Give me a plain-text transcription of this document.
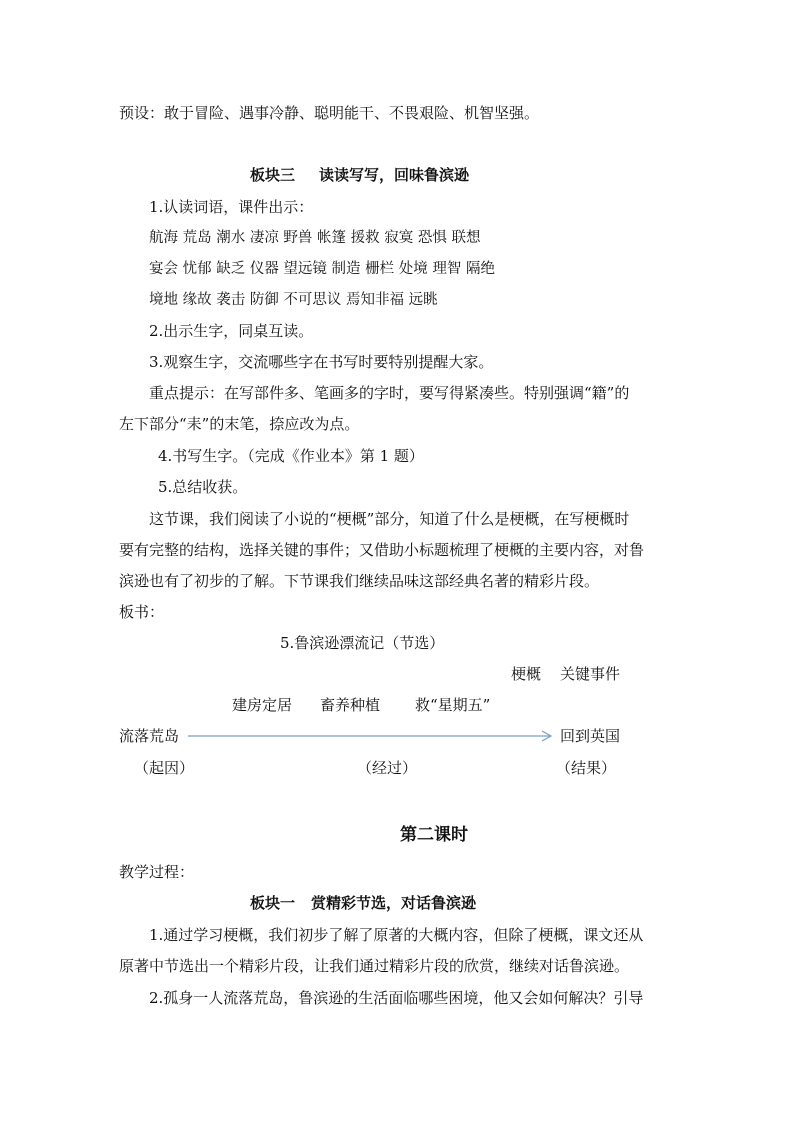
预设：敢于冒险、遇事冷静、聪明能干、不畏艰险、机智坚强。
板块三 读读写写，回味鲁滨逊
1.认读词语，课件出示：
航海 荒岛 潮水 凄凉 野兽 帐篷 援救 寂寞 恐惧 联想
宴会 忧郁 缺乏 仪器 望远镜 制造 栅栏 处境 理智 隔绝
境地 缘故 袭击 防御 不可思议 焉知非福 远眺
2.出示生字，同桌互读。
3.观察生字，交流哪些字在书写时要特别提醒大家。
重点提示：在写部件多、笔画多的字时，要写得紧凑些。特别强调“籍”的
左下部分“耒”的末笔，捺应改为点。
4.书写生字。（完成《作业本》第 1 题）
5.总结收获。
这节课，我们阅读了小说的“梗概”部分，知道了什么是梗概，在写梗概时
要有完整的结构，选择关键的事件；又借助小标题梳理了梗概的主要内容，对鲁
滨逊也有了初步的了解。下节课我们继续品味这部经典名著的精彩片段。
板书：
5.鲁滨逊漂流记（节选）
梗概 关键事件
建房定居 畜养种植 救“星期五”
流落荒岛	回到英国
（起因）	（经过）	（结果）
第二课时
教学过程：
板块一 赏精彩节选，对话鲁滨逊
1.通过学习梗概，我们初步了解了原著的大概内容，但除了梗概，课文还从
原著中节选出一个精彩片段，让我们通过精彩片段的欣赏，继续对话鲁滨逊。
2.孤身一人流落荒岛，鲁滨逊的生活面临哪些困境，他又会如何解决？引导
